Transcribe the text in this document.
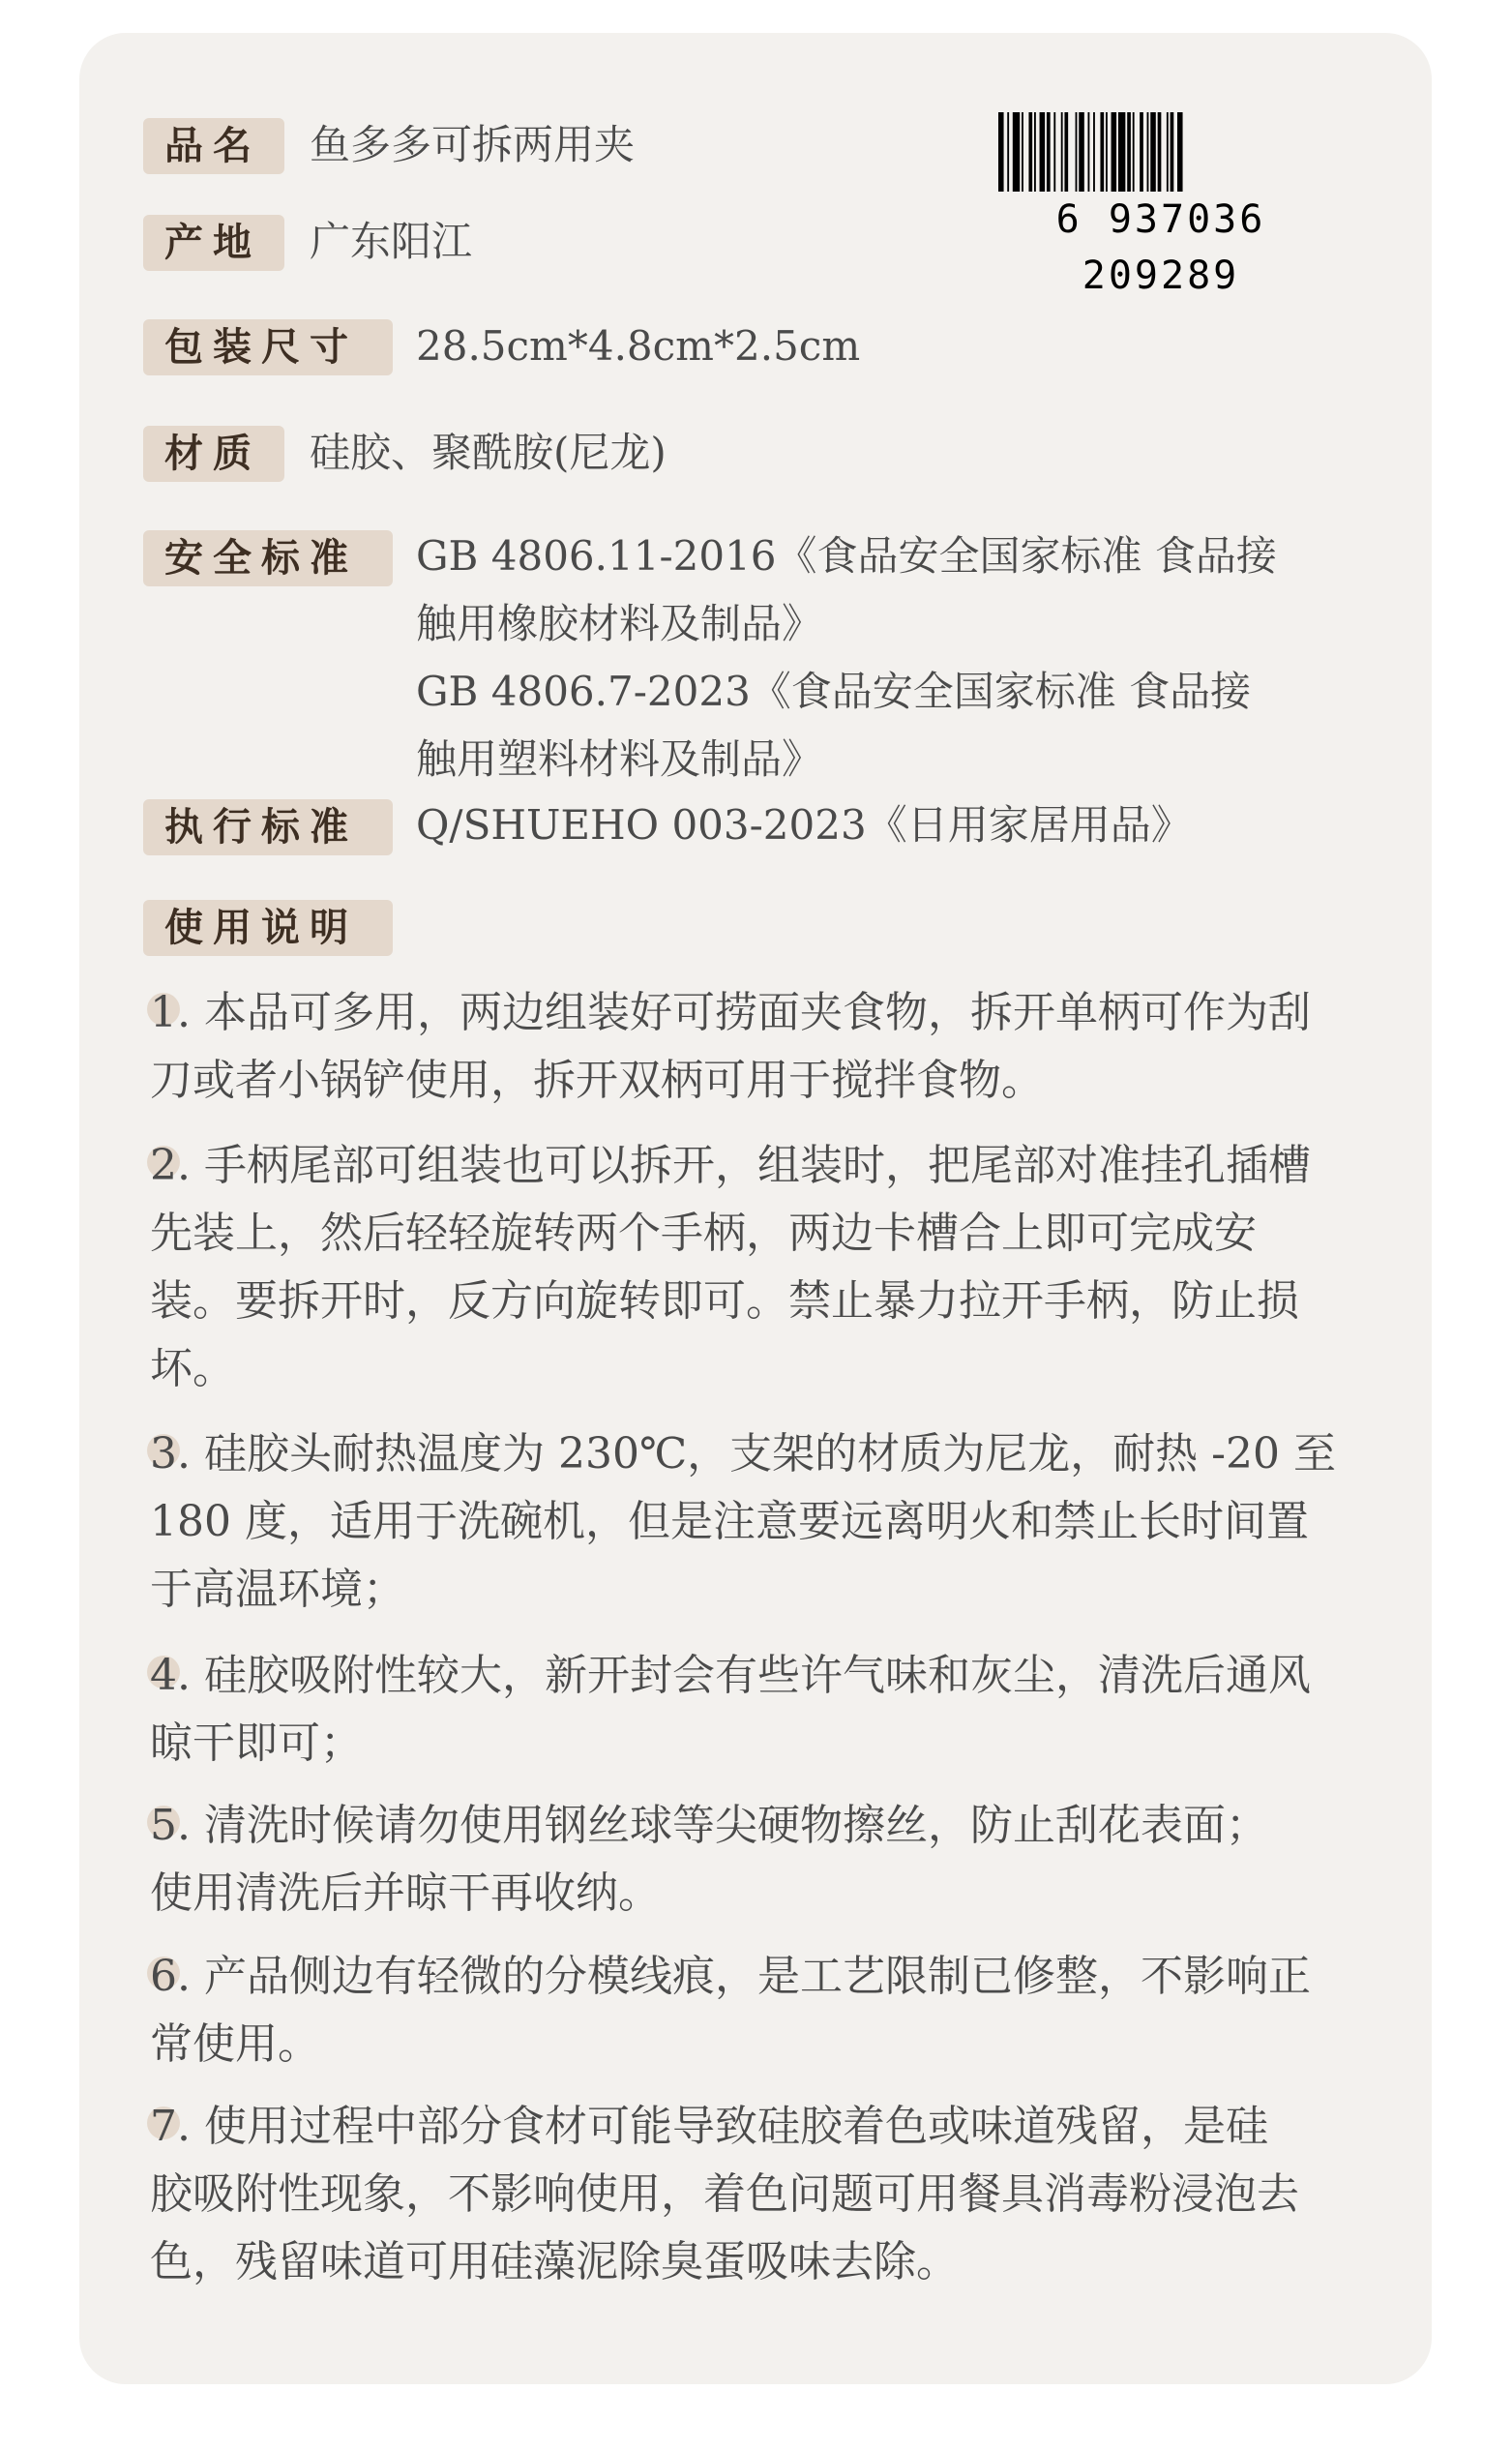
6 937036 209289
品名	鱼多多可拆两用夹
产地	广东阳江
包装尺寸	28.5cm*4.8cm*2.5cm
材质	硅胶、聚酰胺(尼龙)
安全标准	GB 4806.11-2016《食品安全国家标准 食品接
触用橡胶材料及制品》
GB 4806.7-2023《食品安全国家标准 食品接
触用塑料材料及制品》
执行标准	Q/SHUEHO 003-2023《日用家居用品》
使用说明
1. 本品可多用，两边组装好可捞面夹食物，拆开单柄可作为刮
刀或者小锅铲使用，拆开双柄可用于搅拌食物。
2. 手柄尾部可组装也可以拆开，组装时，把尾部对准挂孔插槽
先装上，然后轻轻旋转两个手柄，两边卡槽合上即可完成安
装。要拆开时，反方向旋转即可。禁止暴力拉开手柄，防止损
坏。
3. 硅胶头耐热温度为 230℃，支架的材质为尼龙，耐热 -20 至
180 度，适用于洗碗机，但是注意要远离明火和禁止长时间置
于高温环境；
4. 硅胶吸附性较大，新开封会有些许气味和灰尘，清洗后通风
晾干即可；
5. 清洗时候请勿使用钢丝球等尖硬物擦丝，防止刮花表面；
使用清洗后并晾干再收纳。
6. 产品侧边有轻微的分模线痕，是工艺限制已修整，不影响正
常使用。
7. 使用过程中部分食材可能导致硅胶着色或味道残留，是硅
胶吸附性现象，不影响使用，着色问题可用餐具消毒粉浸泡去
色，残留味道可用硅藻泥除臭蛋吸味去除。
